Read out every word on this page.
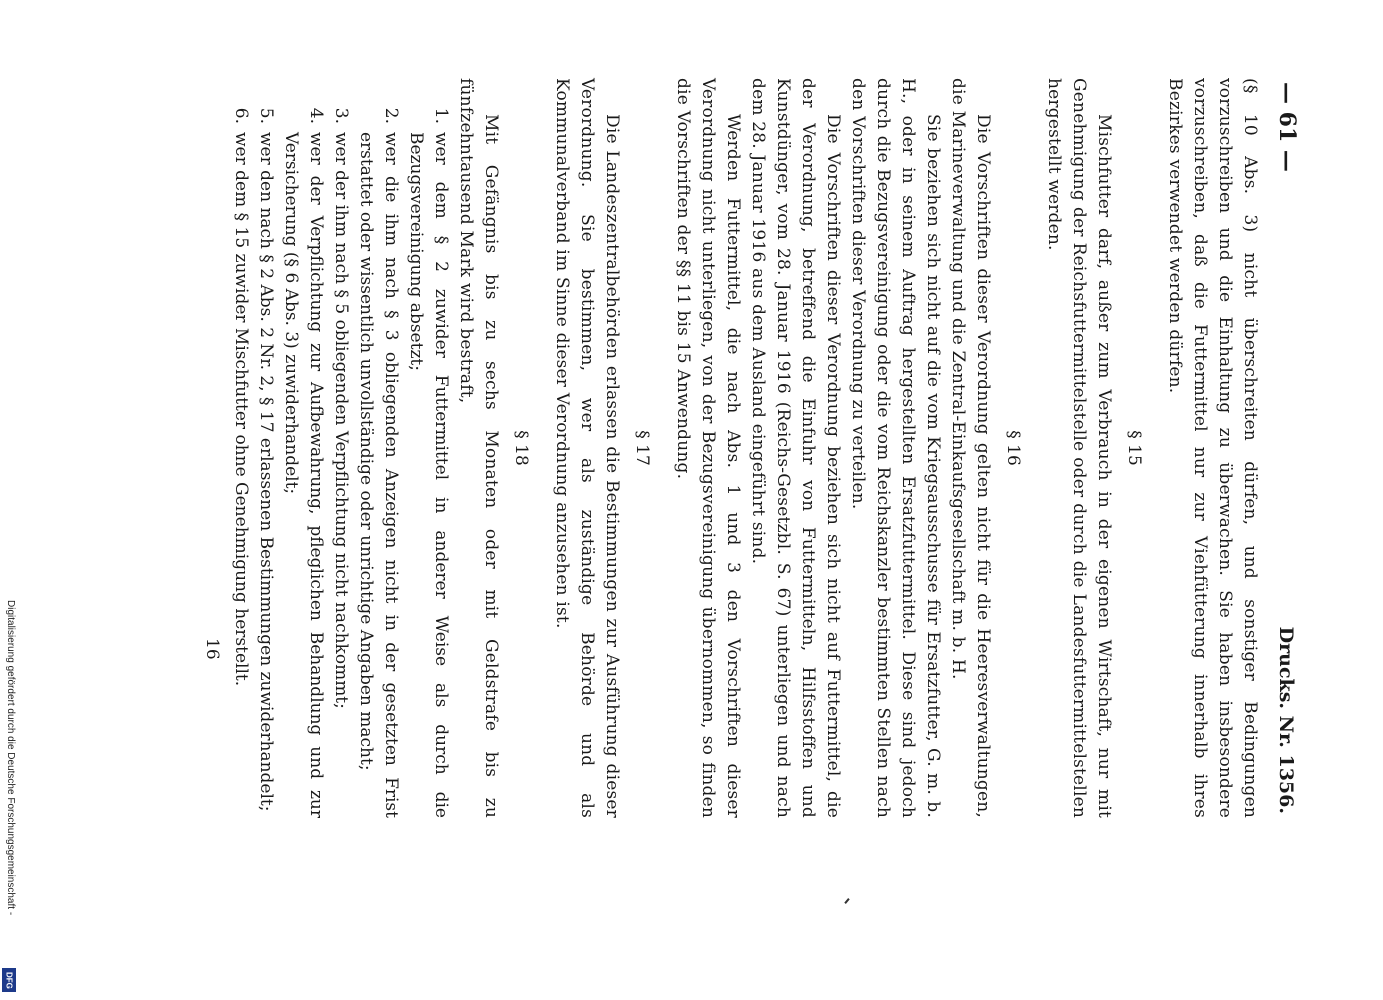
— 61 —
Drucks. Nr. 1356.

(§ 10 Abs. 3) nicht überschreiten dürfen, und sonstiger Bedingungen vorzuschreiben und die Einhaltung zu überwachen. Sie haben insbesondere vorzuschreiben, daß die Futtermittel nur zur Viehfütterung innerhalb ihres Bezirkes verwendet werden dürfen.

§ 15

Mischfutter darf, außer zum Verbrauch in der eigenen Wirtschaft, nur mit Genehmigung der Reichsfuttermittelstelle oder durch die Landesfuttermittelstellen hergestellt werden.

§ 16

Die Vorschriften dieser Verordnung gelten nicht für die Heeresverwaltungen, die Marineverwaltung und die Zentral-Einkaufsgesellschaft m. b. H.

Sie beziehen sich nicht auf die vom Kriegsausschusse für Ersatzfutter, G. m. b. H., oder in seinem Auftrag hergestellten Ersatzfuttermittel. Diese sind jedoch durch die Bezugsvereinigung oder die vom Reichskanzler bestimmten Stellen nach den Vorschriften dieser Verordnung zu verteilen.

Die Vorschriften dieser Verordnung beziehen sich nicht auf Futtermittel, die der Verordnung, betreffend die Einfuhr von Futtermitteln, Hilfsstoffen und Kunstdünger, vom 28. Januar 1916 (Reichs-Gesetzbl. S. 67) unterliegen und nach dem 28. Januar 1916 aus dem Ausland eingeführt sind.

Werden Futtermittel, die nach Abs. 1 und 3 den Vorschriften dieser Verordnung nicht unterliegen, von der Bezugsvereinigung übernommen, so finden die Vorschriften der §§ 11 bis 15 Anwendung.

§ 17

Die Landeszentralbehörden erlassen die Bestimmungen zur Ausführung dieser Verordnung. Sie bestimmen, wer als zuständige Behörde und als Kommunalverband im Sinne dieser Verordnung anzusehen ist.

§ 18

Mit Gefängnis bis zu sechs Monaten oder mit Geldstrafe bis zu fünfzehntausend Mark wird bestraft,

1.
wer dem § 2 zuwider Futtermittel in anderer Weise als durch die Bezugsvereinigung absetzt;
2.
wer die ihm nach § 3 obliegenden Anzeigen nicht in der gesetzten Frist erstattet oder wissentlich unvollständige oder unrichtige Angaben macht;
3.
wer der ihm nach § 5 obliegenden Verpflichtung nicht nachkommt;
4.
wer der Verpflichtung zur Aufbewahrung, pfleglichen Behandlung und zur Versicherung (§ 6 Abs. 3) zuwiderhandelt;
5.
wer den nach § 2 Abs. 2 Nr. 2, § 17 erlassenen Bestimmungen zuwiderhandelt;
6.
wer dem § 15 zuwider Mischfutter ohne Genehmigung herstellt.
16
Digitalisierung gefördert durch die Deutsche Forschungsgemeinschaft -
DFG
